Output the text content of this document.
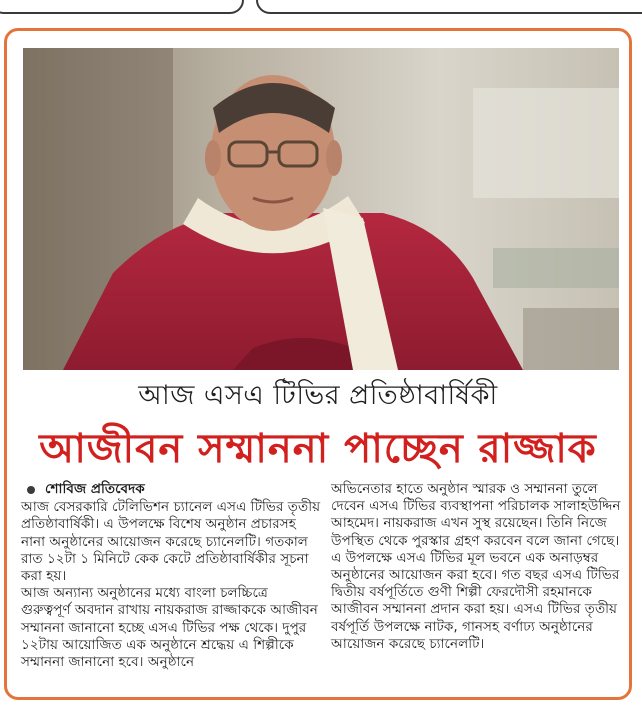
আজ এসএ টিভির প্রতিষ্ঠাবার্ষিকী
আজীবন সম্মাননা পাচ্ছেন রাজ্জাক
শোবিজ প্রতিবেদক

আজ বেসরকারি টেলিভিশন চ্যানেল এসএ টিভির তৃতীয় প্রতিষ্ঠাবার্ষিকী। এ উপলক্ষে বিশেষ অনুষ্ঠান প্রচারসহ নানা অনুষ্ঠানের আয়োজন করেছে চ্যানেলটি। গতকাল রাত ১২টা ১ মিনিটে কেক কেটে প্রতিষ্ঠাবার্ষিকীর সূচনা করা হয়।

আজ অন্যান্য অনুষ্ঠানের মধ্যে বাংলা চলচ্চিত্রে গুরুত্বপূর্ণ অবদান রাখায় নায়করাজ রাজ্জাককে আজীবন সম্মাননা জানানো হচ্ছে এসএ টিভির পক্ষ থেকে। দুপুর ১২টায় আয়োজিত এক অনুষ্ঠানে শ্রদ্ধেয় এ শিল্পীকে সম্মাননা জানানো হবে। অনুষ্ঠানে

অভিনেতার হাতে অনুষ্ঠান স্মারক ও সম্মাননা তুলে দেবেন এসএ টিভির ব্যবস্থাপনা পরিচালক সালাহউদ্দিন আহমেদ। নায়করাজ এখন সুস্থ রয়েছেন। তিনি নিজে উপস্থিত থেকে পুরস্কার গ্রহণ করবেন বলে জানা গেছে। এ উপলক্ষে এসএ টিভির মূল ভবনে এক অনাড়ম্বর অনুষ্ঠানের আয়োজন করা হবে। গত বছর এসএ টিভির দ্বিতীয় বর্ষপূর্তিতে গুণী শিল্পী ফেরদৌসী রহমানকে আজীবন সম্মাননা প্রদান করা হয়। এসএ টিভির তৃতীয় বর্ষপূর্তি উপলক্ষে নাটক, গানসহ বর্ণাঢ্য অনুষ্ঠানের আয়োজন করেছে চ্যানেলটি।
